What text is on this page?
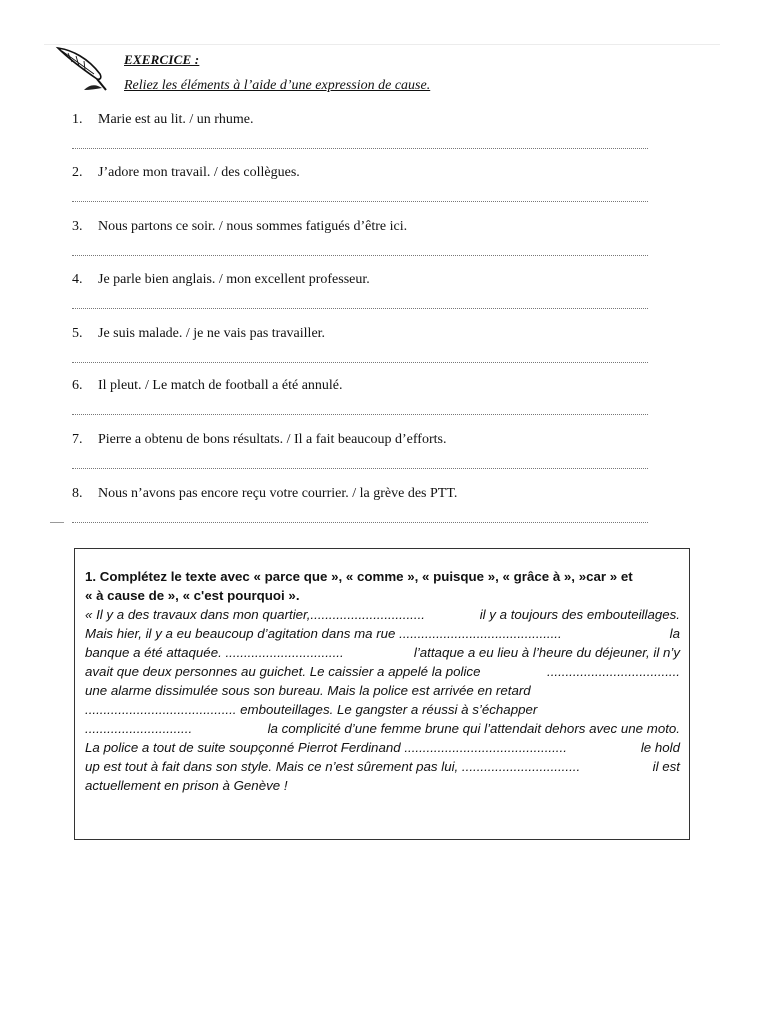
EXERCICE :
Reliez les éléments à l’aide d’une expression de cause.
1. Marie est au lit. / un rhume.
2. J’adore mon travail. / des collègues.
3. Nous partons ce soir. / nous sommes fatigués d’être ici.
4. Je parle bien anglais. / mon excellent professeur.
5. Je suis malade. / je ne vais pas travailler.
6. Il pleut. / Le match de football a été annulé.
7. Pierre a obtenu de bons résultats. / Il a fait beaucoup d’efforts.
8. Nous n’avons pas encore reçu votre courrier. / la grève des PTT.
1. Complétez le texte avec « parce que », « comme », « puisque », « grâce à », »car » et
« à cause de », « c'est pourquoi ».
« Il y a des travaux dans mon quartier,...............................	il y a toujours des embouteillages.
Mais hier, il y a eu beaucoup d’agitation dans ma rue ............................................	la
banque a été attaquée. ................................	l’attaque a eu lieu à l’heure du déjeuner, il n’y
avait que deux personnes au guichet. Le caissier a appelé la police	....................................
une alarme dissimulée sous son bureau. Mais la police est arrivée en retard
......................................... embouteillages. Le gangster a réussi à s’échapper
.............................	la complicité d’une femme brune qui l’attendait dehors avec une moto.
La police a tout de suite soupçonné Pierrot Ferdinand ............................................	le hold
up est tout à fait dans son style. Mais ce n’est sûrement pas lui, ................................	il est
actuellement en prison à Genève !
